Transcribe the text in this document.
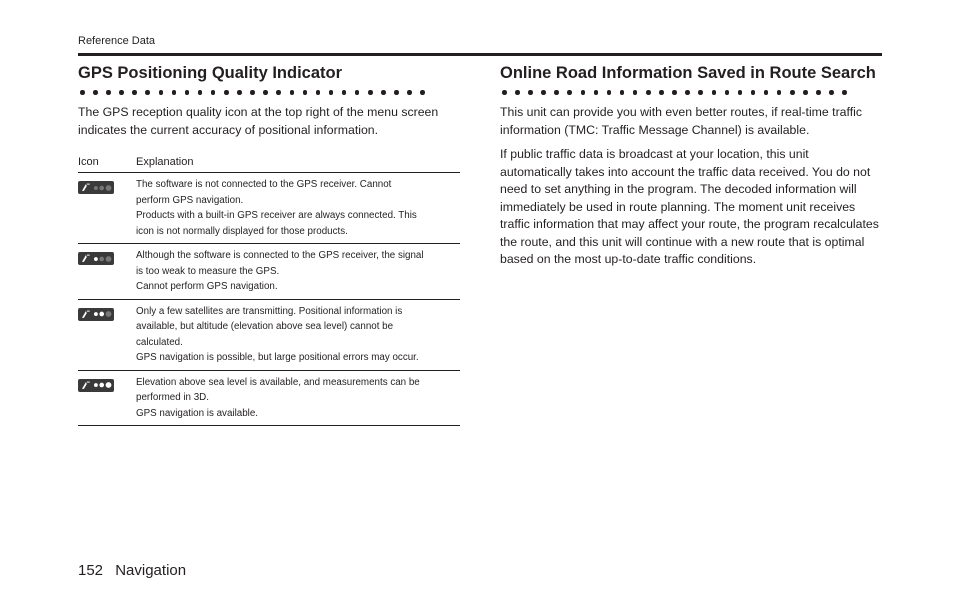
Reference Data
GPS Positioning Quality Indicator

The GPS reception quality icon at the top right of the menu screen indicates the current accuracy of positional information.

Icon	Explanation

The software is not connected to the GPS receiver. Cannot
perform GPS navigation.
Products with a built-in GPS receiver are always connected. This
icon is not normally displayed for those products.

Although the software is connected to the GPS receiver, the signal
is too weak to measure the GPS.
Cannot perform GPS navigation.

Only a few satellites are transmitting. Positional information is
available, but altitude (elevation above sea level) cannot be
calculated.
GPS navigation is possible, but large positional errors may occur.

Elevation above sea level is available, and measurements can be
performed in 3D.
GPS navigation is available.
Online Road Information Saved in Route Search

This unit can provide you with even better routes, if real-time traffic information (TMC: Traffic Message Channel) is available.

If public traffic data is broadcast at your location, this unit automatically takes into account the traffic data received. You do not need to set anything in the program. The decoded information will immediately be used in route planning. The moment unit receives traffic information that may affect your route, the program recalculates the route, and this unit will continue with a new route that is optimal based on the most up-to-date traffic conditions.

152 Navigation
